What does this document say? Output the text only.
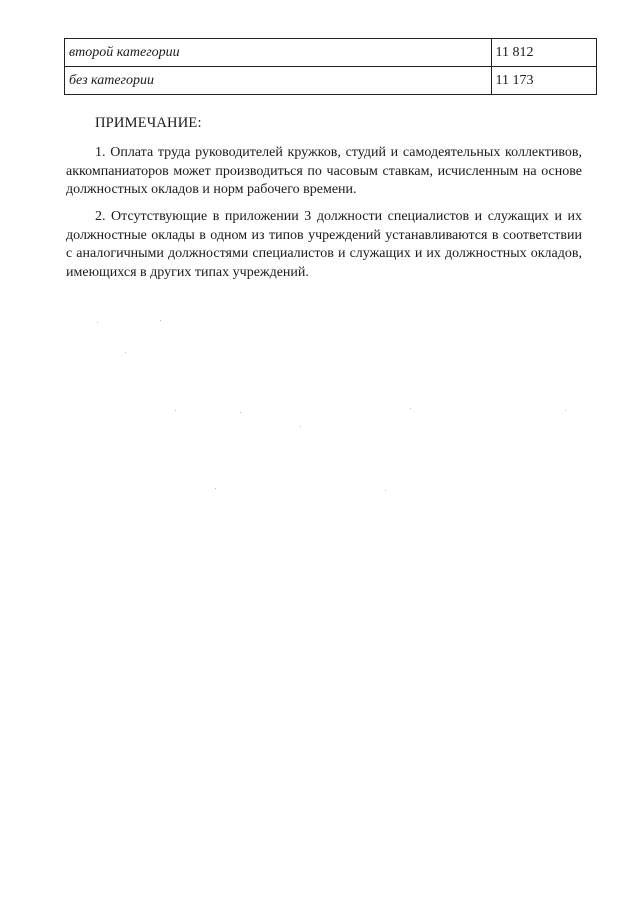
второй категории	11 812
без категории	11 173
ПРИМЕЧАНИЕ:

1. Оплата труда руководителей кружков, студий и самодеятельных коллективов, аккомпаниаторов может производиться по часовым ставкам, исчисленным на основе должностных окладов и норм рабочего времени.

2. Отсутствующие в приложении 3 должности специалистов и служащих и их должностные оклады в одном из типов учреждений устанавливаются в соответствии с аналогичными должностями специалистов и служащих и их должностных окладов, имеющихся в других типах учреждений.
